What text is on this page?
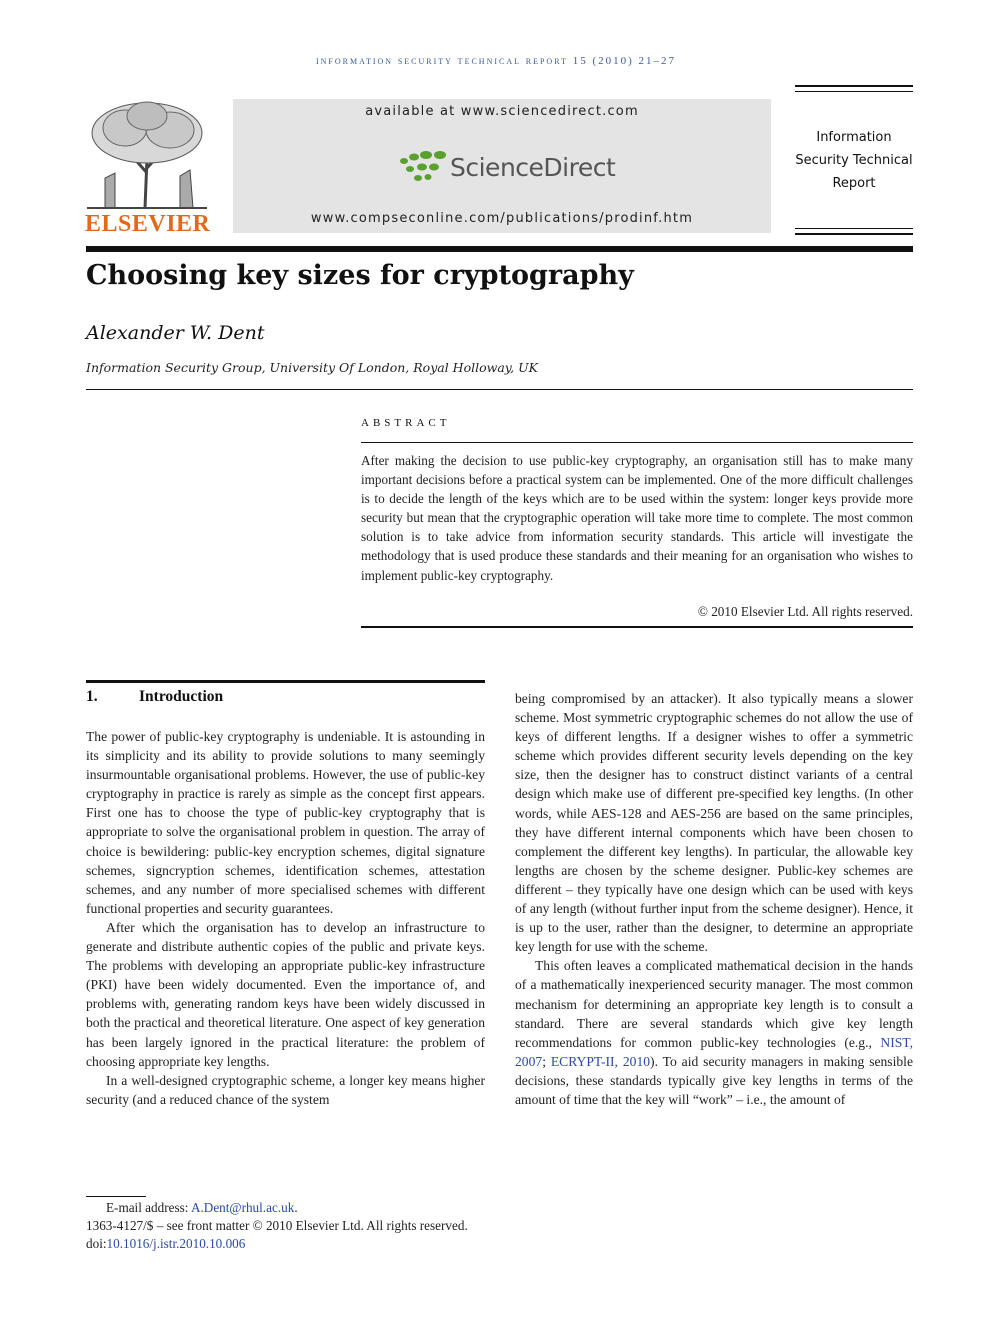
information security technical report 15 (2010) 21–27
ELSEVIER
available at www.sciencedirect.com
ScienceDirect
www.compseconline.com/publications/prodinf.htm
Information
Security Technical
Report
Choosing key sizes for cryptography
Alexander W. Dent
Information Security Group, University Of London, Royal Holloway, UK
ABSTRACT
After making the decision to use public-key cryptography, an organisation still has to make many important decisions before a practical system can be implemented. One of the more difficult challenges is to decide the length of the keys which are to be used within the system: longer keys provide more security but mean that the cryptographic operation will take more time to complete. The most common solution is to take advice from information security standards. This article will investigate the methodology that is used produce these standards and their meaning for an organisation who wishes to implement public-key cryptography.
© 2010 Elsevier Ltd. All rights reserved.
1.	Introduction

The power of public-key cryptography is undeniable. It is astounding in its simplicity and its ability to provide solutions to many seemingly insurmountable organisational problems. However, the use of public-key cryptography in practice is rarely as simple as the concept first appears. First one has to choose the type of public-key cryptography that is appropriate to solve the organisational problem in question. The array of choice is bewildering: public-key encryption schemes, digital signature schemes, signcryption schemes, identification schemes, attestation schemes, and any number of more specialised schemes with different functional properties and security guarantees.

After which the organisation has to develop an infrastructure to generate and distribute authentic copies of the public and private keys. The problems with developing an appropriate public-key infrastructure (PKI) have been widely documented. Even the importance of, and problems with, generating random keys have been widely discussed in both the practical and theoretical literature. One aspect of key generation has been largely ignored in the practical literature: the problem of choosing appropriate key lengths.

In a well-designed cryptographic scheme, a longer key means higher security (and a reduced chance of the system

being compromised by an attacker). It also typically means a slower scheme. Most symmetric cryptographic schemes do not allow the use of keys of different lengths. If a designer wishes to offer a symmetric scheme which provides different security levels depending on the key size, then the designer has to construct distinct variants of a central design which make use of different pre-specified key lengths. (In other words, while AES-128 and AES-256 are based on the same principles, they have different internal components which have been chosen to complement the different key lengths). In particular, the allowable key lengths are chosen by the scheme designer. Public-key schemes are different – they typically have one design which can be used with keys of any length (without further input from the scheme designer). Hence, it is up to the user, rather than the designer, to determine an appropriate key length for use with the scheme.

This often leaves a complicated mathematical decision in the hands of a mathematically inexperienced security manager. The most common mechanism for determining an appropriate key length is to consult a standard. There are several standards which give key length recommendations for common public-key technologies (e.g., NIST, 2007; ECRYPT-II, 2010). To aid security managers in making sensible decisions, these standards typically give key lengths in terms of the amount of time that the key will “work” – i.e., the amount of

E-mail address: A.Dent@rhul.ac.uk.
1363-4127/$ – see front matter © 2010 Elsevier Ltd. All rights reserved.
doi:10.1016/j.istr.2010.10.006
